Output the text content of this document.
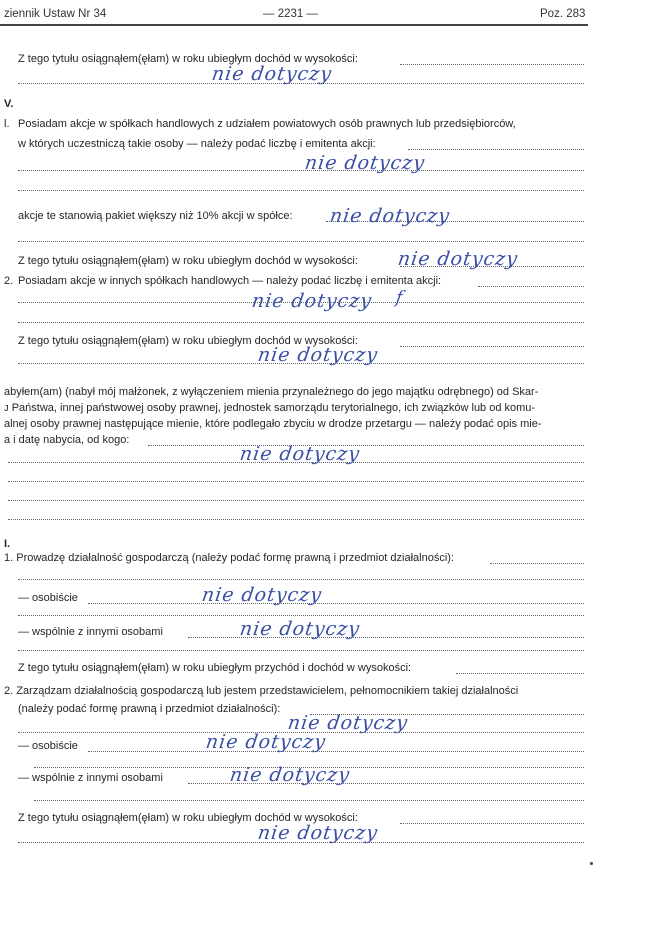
ziennik Ustaw Nr 34	— 2231 —	Poz. 283
Z tego tytułu osiągnąłem(ęłam) w roku ubiegłym dochód w wysokości:
nie dotyczy
V.
l. Posiadam akcje w spółkach handlowych z udziałem powiatowych osób prawnych lub przedsiębiorców,
w których uczestniczą takie osoby — należy podać liczbę i emitenta akcji:
nie dotyczy
akcje te stanowią pakiet większy niż 10% akcji w spółce: nie dotyczy
Z tego tytułu osiągnąłem(ęłam) w roku ubiegłym dochód w wysokości: nie dotyczy
2. Posiadam akcje w innych spółkach handlowych — należy podać liczbę i emitenta akcji:
nie dotyczy f
Z tego tytułu osiągnąłem(ęłam) w roku ubiegłym dochód w wysokości:
nie dotyczy
abyłem(am) (nabył mój małżonek, z wyłączeniem mienia przynależnego do jego majątku odrębnego) od Skar-
ᴊ Państwa, innej państwowej osoby prawnej, jednostek samorządu terytorialnego, ich związków lub od komu-
alnej osoby prawnej następujące mienie, które podlegało zbyciu w drodze przetargu — należy podać opis mie-
a i datę nabycia, od kogo:
nie dotyczy
I.
1. Prowadzę działalność gospodarczą (należy podać formę prawną i przedmiot działalności):
— osobiście	nie dotyczy
— wspólnie z innymi osobami	nie dotyczy
Z tego tytułu osiągnąłem(ęłam) w roku ubiegłym przychód i dochód w wysokości:
2. Zarządzam działalnością gospodarczą lub jestem przedstawicielem, pełnomocnikiem takiej działalności
(należy podać formę prawną i przedmiot działalności):
nie dotyczy
— osobiście	nie dotyczy
— wspólnie z innymi osobami	nie dotyczy
Z tego tytułu osiągnąłem(ęłam) w roku ubiegłym dochód w wysokości:
nie dotyczy
